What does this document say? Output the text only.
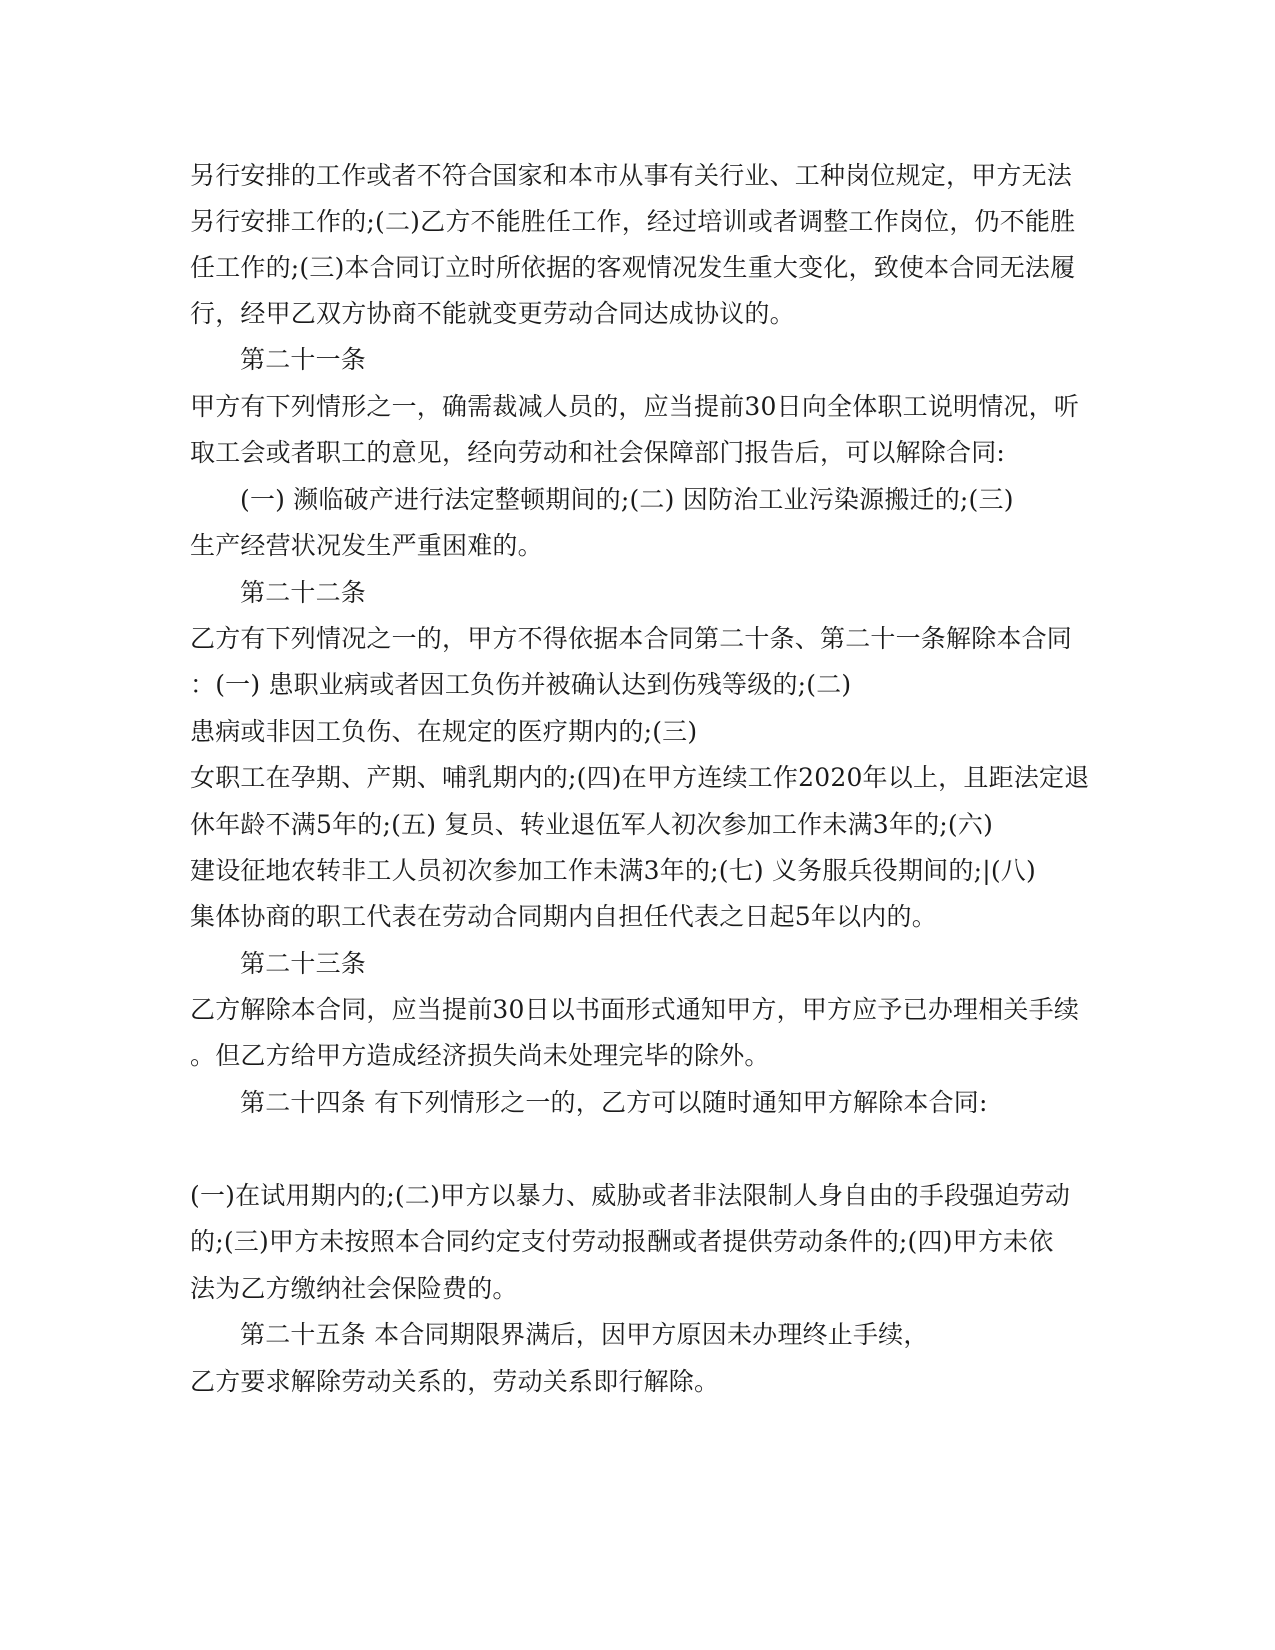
另行安排的工作或者不符合国家和本市从事有关行业、工种岗位规定，甲方无法
另行安排工作的;(二)乙方不能胜任工作，经过培训或者调整工作岗位，仍不能胜
任工作的;(三)本合同订立时所依据的客观情况发生重大变化，致使本合同无法履
行，经甲乙双方协商不能就变更劳动合同达成协议的。
第二十一条
甲方有下列情形之一，确需裁减人员的，应当提前30日向全体职工说明情况，听
取工会或者职工的意见，经向劳动和社会保障部门报告后，可以解除合同:
(一) 濒临破产进行法定整顿期间的;(二) 因防治工业污染源搬迁的;(三)
生产经营状况发生严重困难的。
第二十二条
乙方有下列情况之一的，甲方不得依据本合同第二十条、第二十一条解除本合同
：(一) 患职业病或者因工负伤并被确认达到伤残等级的;(二)
患病或非因工负伤、在规定的医疗期内的;(三)
女职工在孕期、产期、哺乳期内的;(四)在甲方连续工作2020年以上，且距法定退
休年龄不满5年的;(五) 复员、转业退伍军人初次参加工作未满3年的;(六)
建设征地农转非工人员初次参加工作未满3年的;(七) 义务服兵役期间的;|(八)
集体协商的职工代表在劳动合同期内自担任代表之日起5年以内的。
第二十三条
乙方解除本合同，应当提前30日以书面形式通知甲方，甲方应予已办理相关手续
。但乙方给甲方造成经济损失尚未处理完毕的除外。
第二十四条 有下列情形之一的，乙方可以随时通知甲方解除本合同:
(一)在试用期内的;(二)甲方以暴力、威胁或者非法限制人身自由的手段强迫劳动
的;(三)甲方未按照本合同约定支付劳动报酬或者提供劳动条件的;(四)甲方未依
法为乙方缴纳社会保险费的。
第二十五条 本合同期限界满后，因甲方原因未办理终止手续，
乙方要求解除劳动关系的，劳动关系即行解除。
